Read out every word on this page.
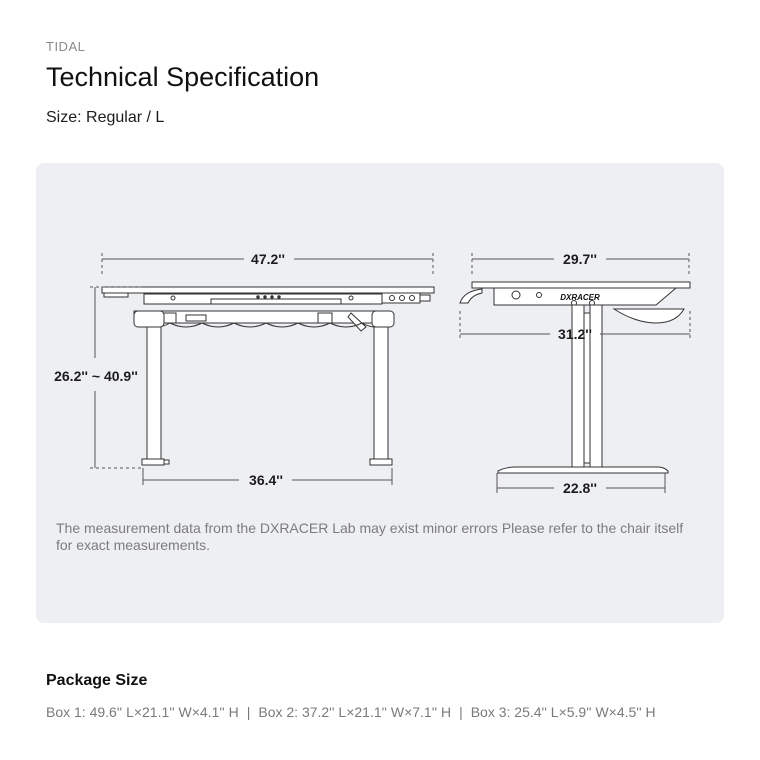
TIDAL
Technical Specification
Size: Regular / L
47.2''
26.2'' ~ 40.9''
36.4''
29.7''
31.2''
22.8''
DXRACER
The measurement data from the DXRACER Lab may exist minor errors Please refer to the chair itself for exact measurements.
Package Size
Box 1: 49.6'' L×21.1'' W×4.1'' H | Box 2: 37.2'' L×21.1'' W×7.1'' H | Box 3: 25.4'' L×5.9'' W×4.5'' H
